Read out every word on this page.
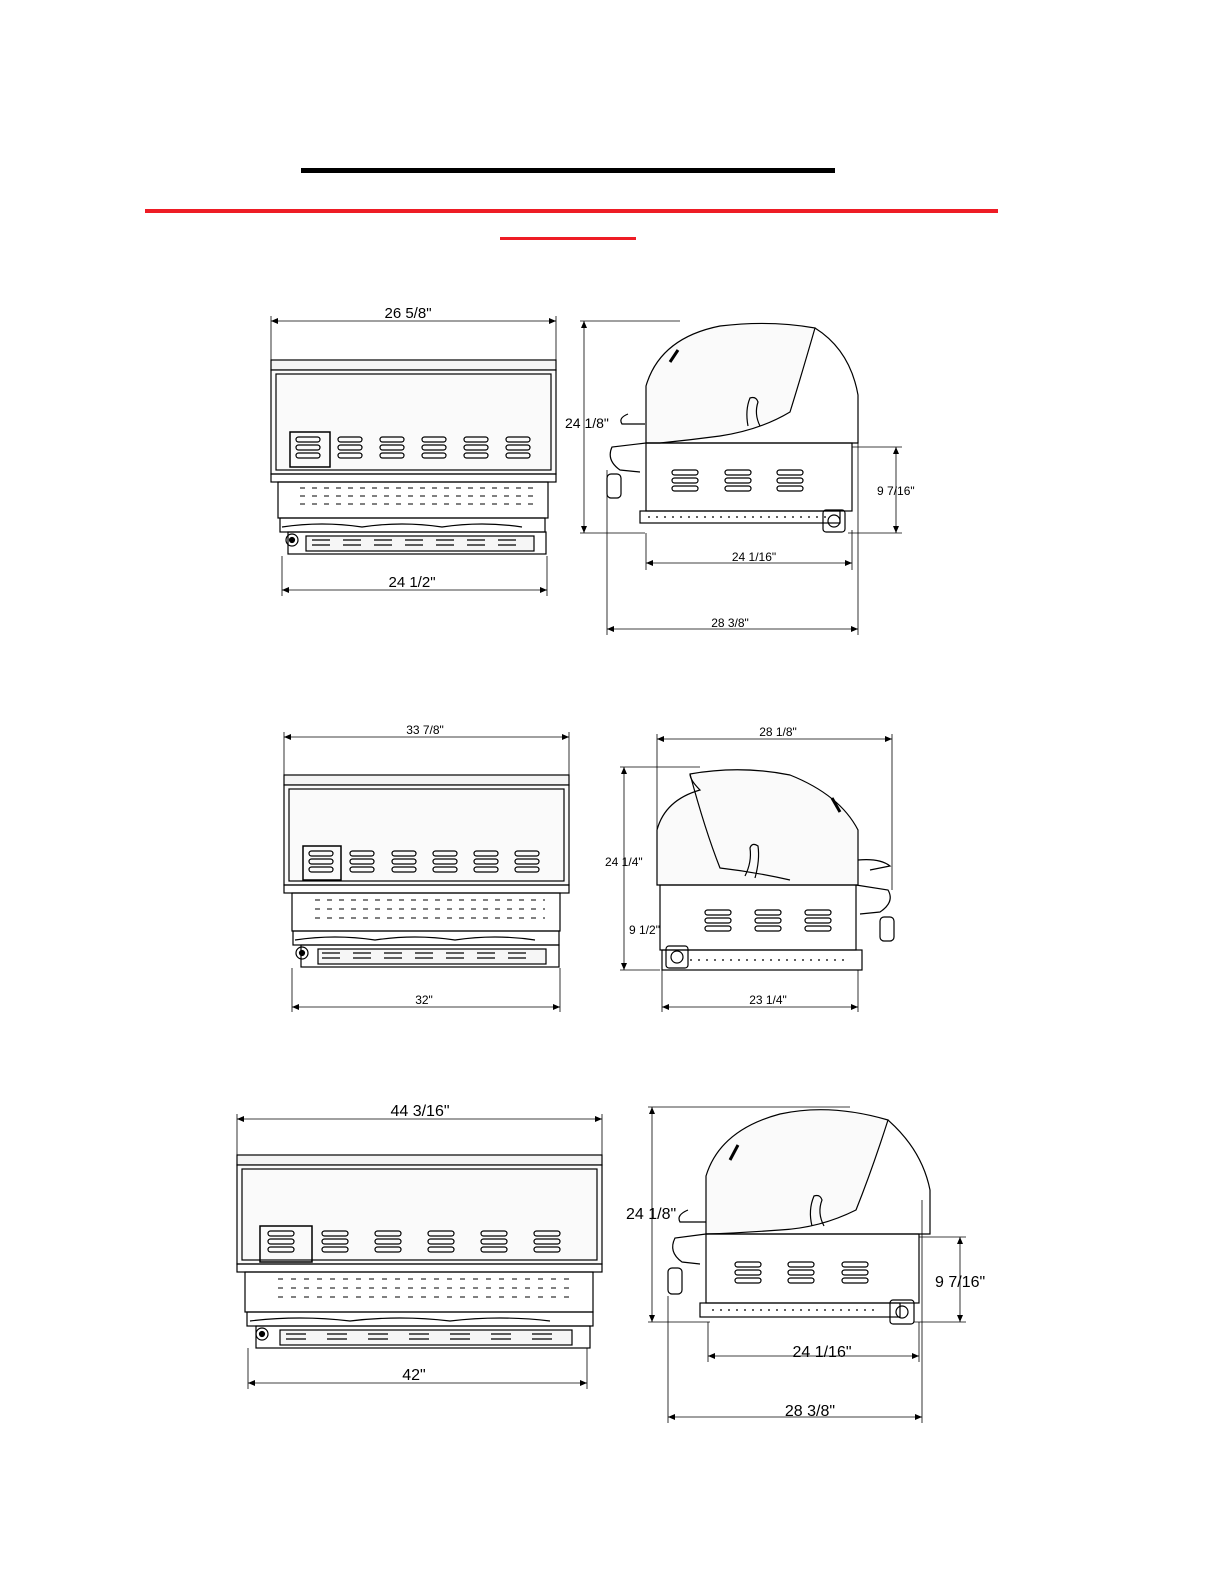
26 5/8"
24 1/2"
24 1/8"
9 7/16"
24 1/16"
28 3/8"
33 7/8"
32"
28 1/8"
24 1/4"
9 1/2"
23 1/4"
44 3/16"
42"
24 1/8"
9 7/16"
24 1/16"
28 3/8"
